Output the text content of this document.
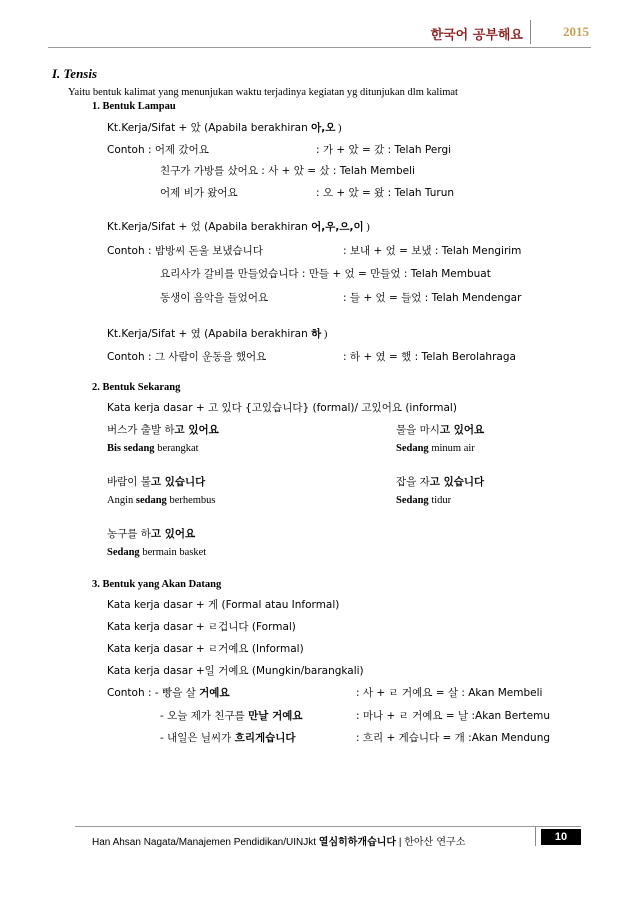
한국어 공부해요	2015
I. Tensis
Yaitu bentuk kalimat yang menunjukan waktu terjadinya kegiatan yg ditunjukan dlm kalimat
1. Bentuk Lampau
Kt.Kerja/Sifat + 았 (Apabila berakhiran 아,오 )
Contoh : 어제 갔어요	: 가 + 았 = 갔 : Telah Pergi
친구가 가방를 샀어요 : 사 + 았 = 샀 : Telah Membeli
어제 비가 왔어요	: 오 + 았 = 왔 : Telah Turun
Kt.Kerja/Sifat + 었 (Apabila berakhiran 어,우,으,이 )
Contoh : 밤방씨 돈울 보냈습니다	: 보내 + 었 = 보냈 : Telah Mengirim
요리사가 갈비를 만들었습니다 : 만들 + 었 = 만들었 : Telah Membuat
동생이 음악을 들었어요	: 들 + 었 = 들었 : Telah Mendengar
Kt.Kerja/Sifat + 였 (Apabila berakhiran 하 )
Contoh : 그 사람이 운동을 했어요	: 하 + 였 = 했 : Telah Berolahraga
2. Bentuk Sekarang
Kata kerja dasar + 고 있다 {고있습니다} (formal)/ 고있어요 (informal)
버스가 출발 하고 있어요
Bis sedang berangkat
물을 마시고 있어요
Sedang minum air
바람이 불고 있습니다
Angin sedang berhembus
잡을 자고 있습니다
Sedang tidur
농구를 하고 있어요
Sedang bermain basket
3. Bentuk yang Akan Datang
Kata kerja dasar + 게 (Formal atau Informal)
Kata kerja dasar + ㄹ겁니다 (Formal)
Kata kerja dasar + ㄹ거예요 (Informal)
Kata kerja dasar +일 거예요 (Mungkin/barangkali)
Contoh : - 빵을 살 거예요	: 사 + ㄹ 거예요 = 살 : Akan Membeli
- 오늘 제가 친구를 만날 거예요	: 마나 + ㄹ 거예요 = 날 :Akan Bertemu
- 내일은 닐씨가 흐리게습니다	: 흐리 + 게습니다 = 개 :Akan Mendung
Han Ahsan Nagata/Manajemen Pendidikan/UINJkt 열심히하개습니다 | 한아산 연구소	10
